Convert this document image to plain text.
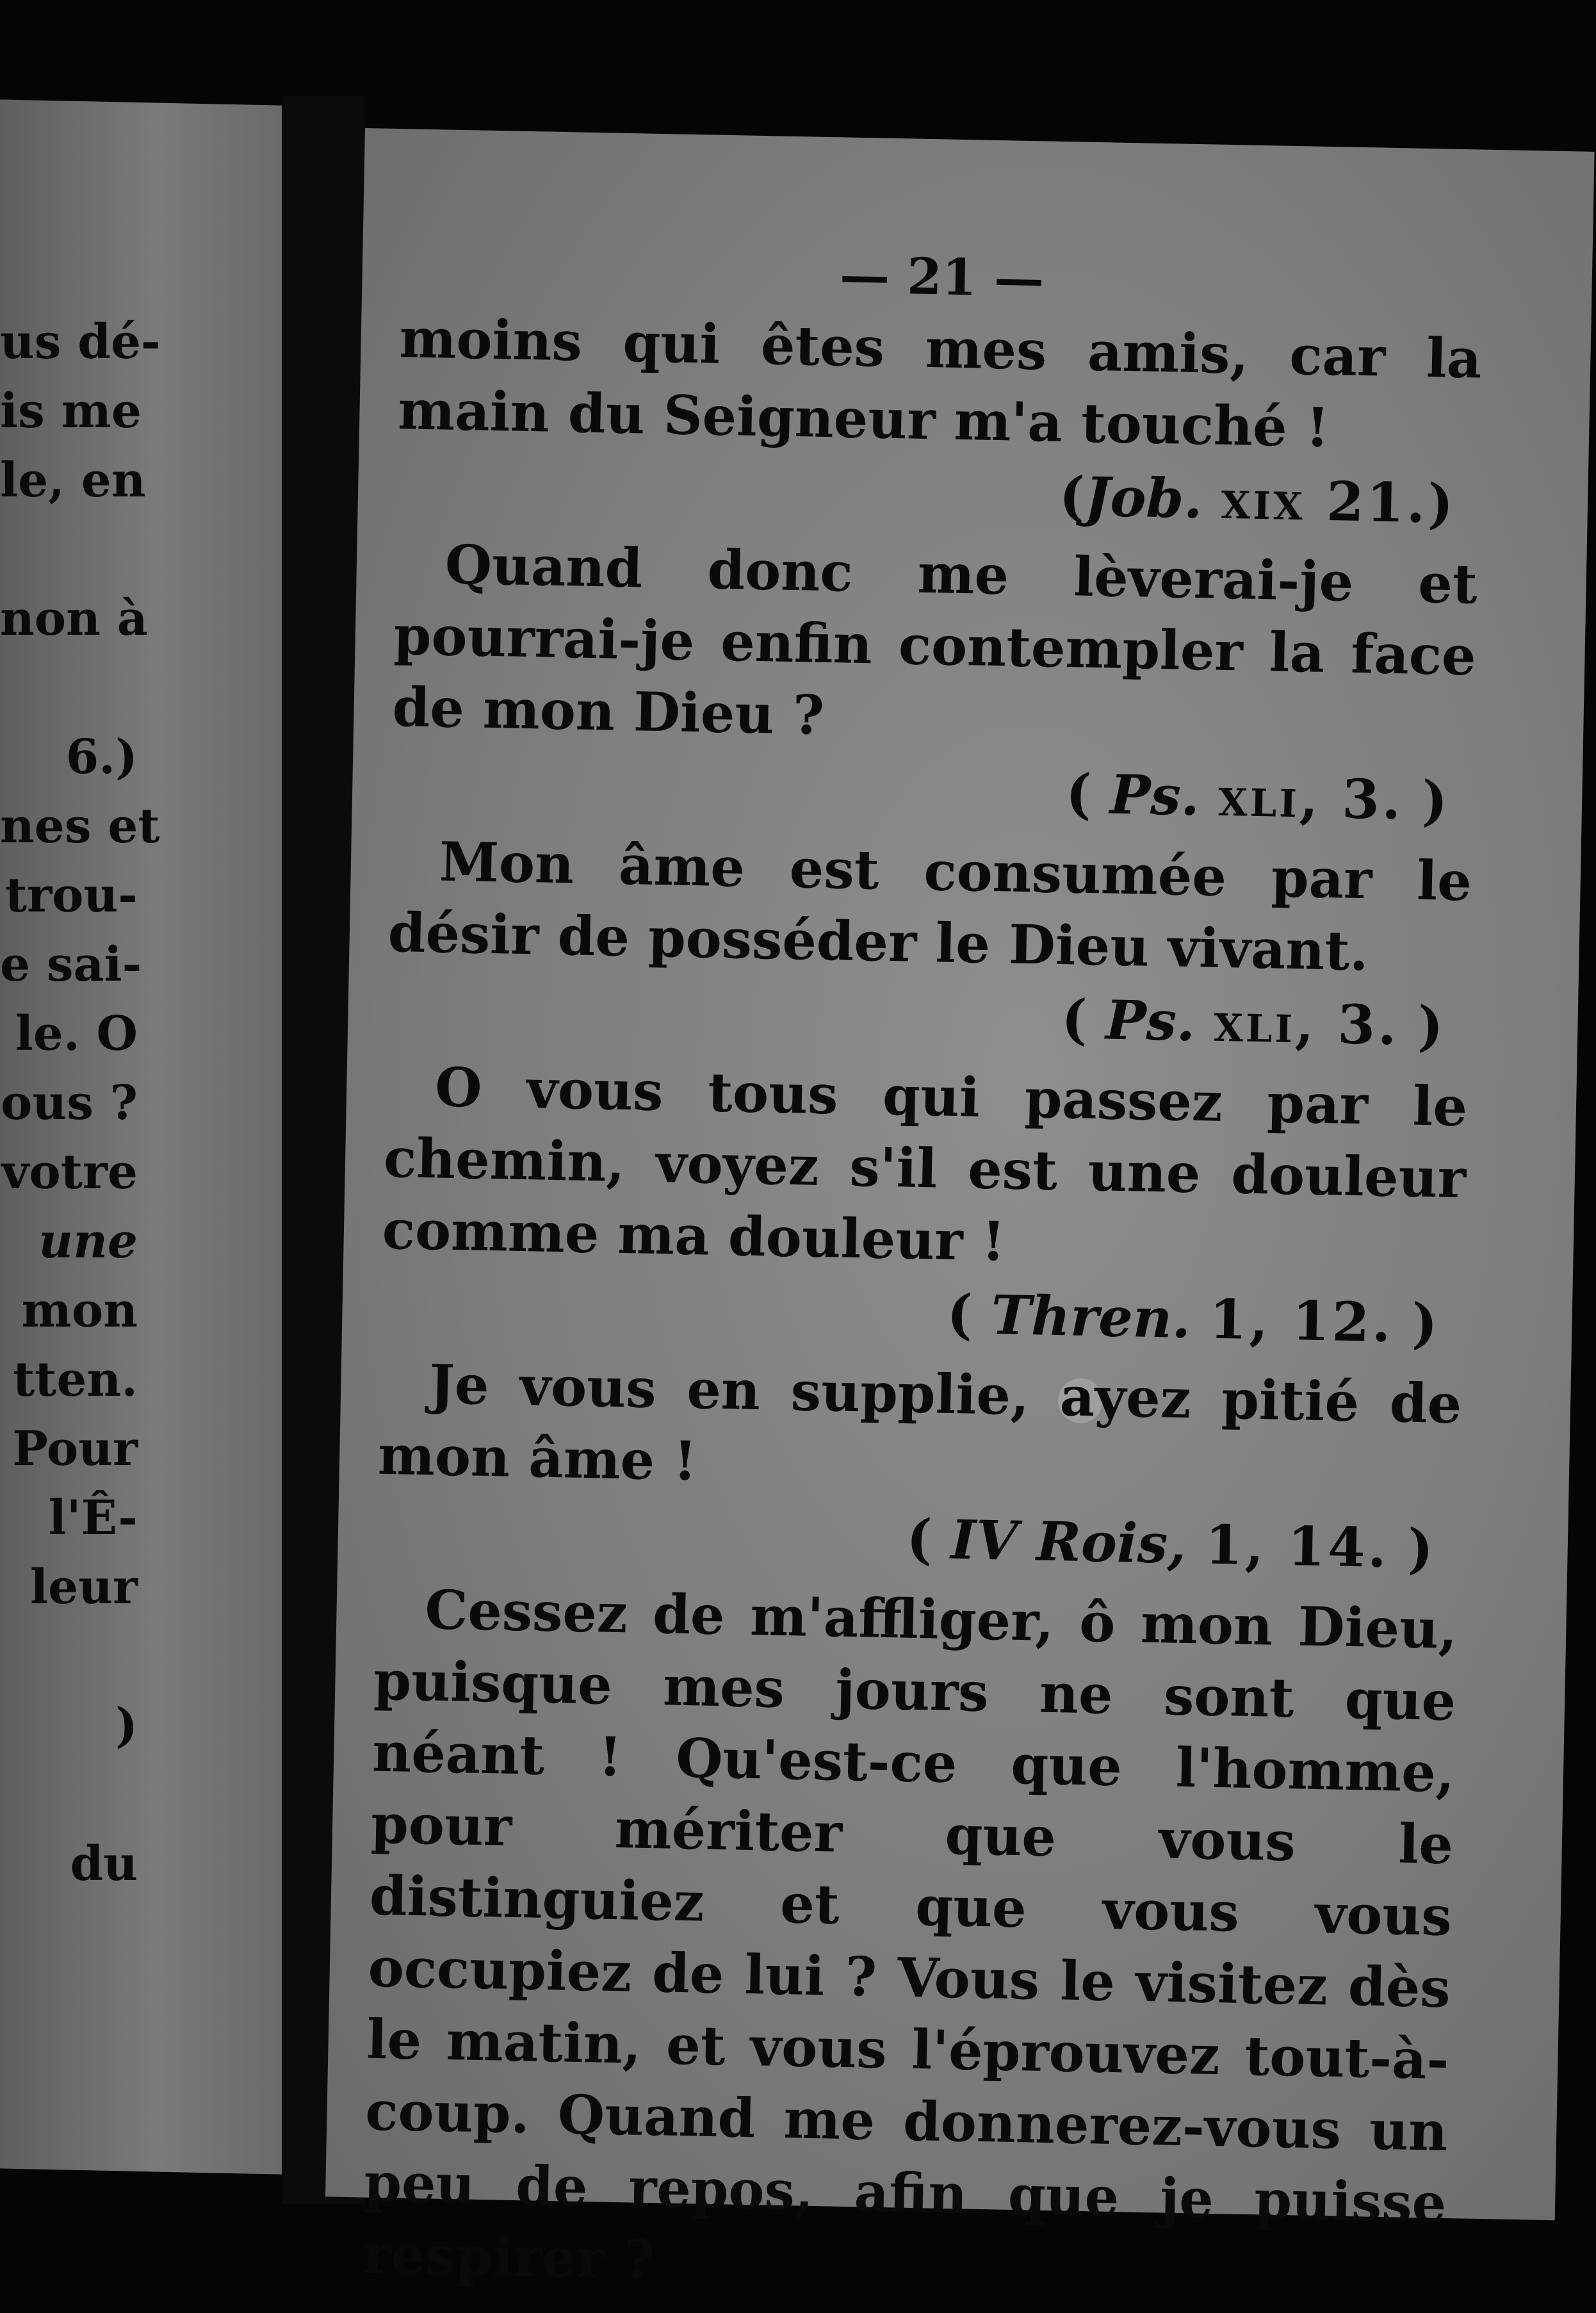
us dé-
is me
le, en

non à

6.)
nes et
trou-
e sai-
le. O
ous ?
votre
une
mon
tten.
Pour
l'Ê-
leur

)

du
— 21 —

moins qui êtes mes amis, car la main du Seigneur m'a touché !

(Job. xix 21.)

Quand donc me lèverai-je et pourrai-je enfin contempler la face de mon Dieu ?

( Ps. xli, 3. )

Mon âme est consumée par le désir de posséder le Dieu vivant.

( Ps. xli, 3. )

O vous tous qui passez par le chemin, voyez s'il est une douleur comme ma douleur !

( Thren. 1, 12. )

Je vous en supplie, ayez pitié de mon âme !

( IV Rois, 1, 14. )

Cessez de m'affliger, ô mon Dieu, puisque mes jours ne sont que néant ! Qu'est-ce que l'homme, pour mériter que vous le distinguiez et que vous vous occupiez de lui ? Vous le visitez dès le matin, et vous l'éprouvez tout-à-coup. Quand me donnerez-vous un peu de repos, afin que je puisse respirer ?
